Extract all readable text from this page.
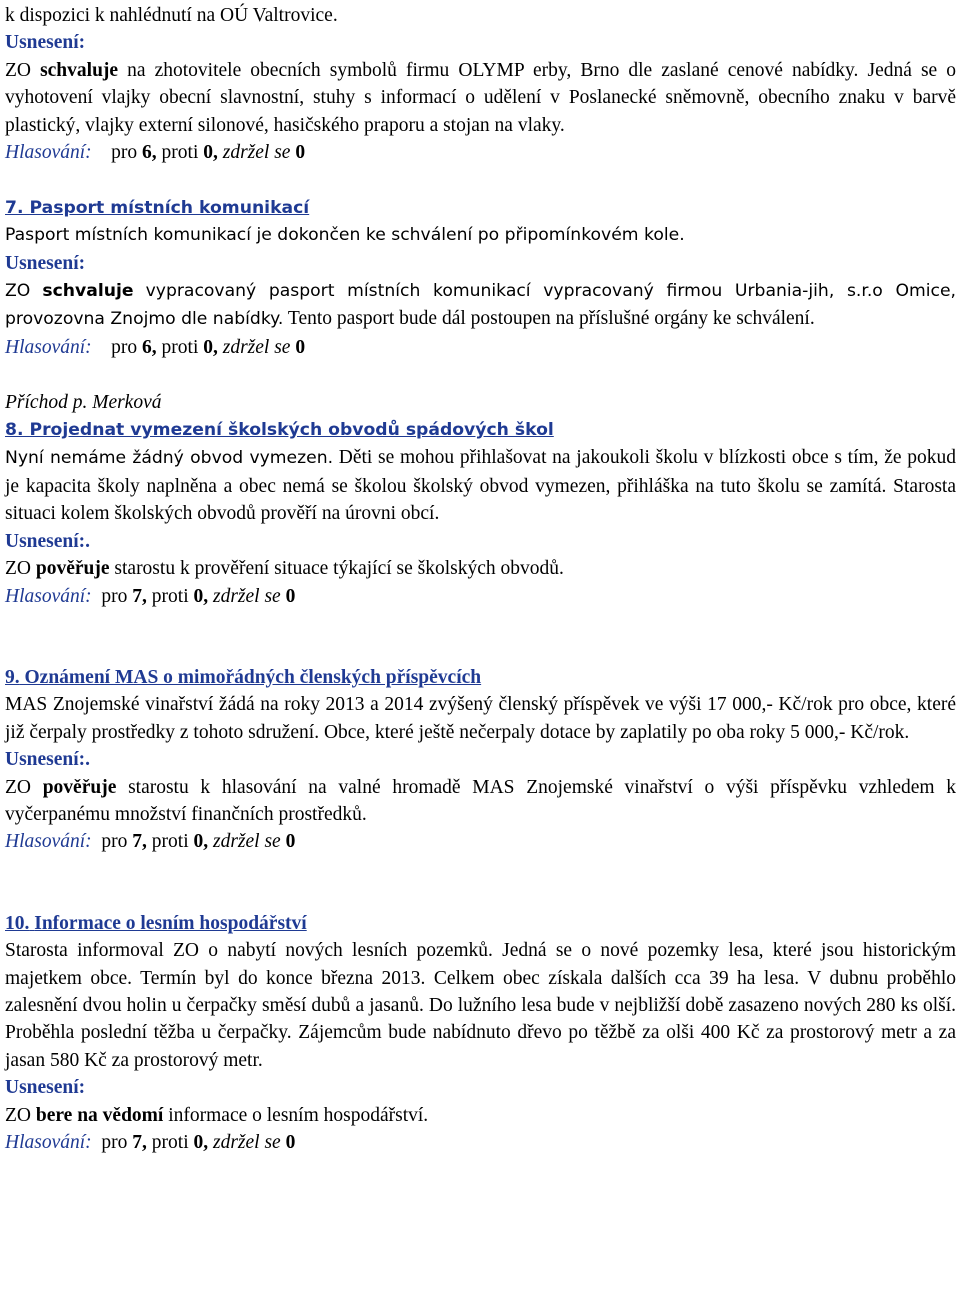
k dispozici k nahlédnutí na OÚ Valtrovice.

Usnesení:

ZO schvaluje na zhotovitele obecních symbolů firmu OLYMP erby, Brno dle zaslané cenové nabídky. Jedná se o vyhotovení vlajky obecní slavnostní, stuhy s informací o udělení v Poslanecké sněmovně, obecního znaku v barvě plastický, vlajky externí silonové, hasičského praporu a stojan na vlaky.

Hlasování: pro 6, proti 0, zdržel se 0

7. Pasport místních komunikací

Pasport místních komunikací je dokončen ke schválení po připomínkovém kole.

Usnesení:

ZO schvaluje vypracovaný pasport místních komunikací vypracovaný firmou Urbania-jih, s.r.o Omice, provozovna Znojmo dle nabídky. Tento pasport bude dál postoupen na příslušné orgány ke schválení.

Hlasování: pro 6, proti 0, zdržel se 0

Příchod p. Merková

8. Projednat vymezení školských obvodů spádových škol

Nyní nemáme žádný obvod vymezen. Děti se mohou přihlašovat na jakoukoli školu v blízkosti obce s tím, že pokud je kapacita školy naplněna a obec nemá se školou školský obvod vymezen, přihláška na tuto školu se zamítá. Starosta situaci kolem školských obvodů prověří na úrovni obcí.

Usnesení:.

ZO pověřuje starostu k prověření situace týkající se školských obvodů.

Hlasování: pro 7, proti 0, zdržel se 0

9. Oznámení MAS o mimořádných členských příspěvcích

MAS Znojemské vinařství žádá na roky 2013 a 2014 zvýšený členský příspěvek ve výši 17 000,- Kč/rok pro obce, které již čerpaly prostředky z tohoto sdružení. Obce, které ještě nečerpaly dotace by zaplatily po oba roky 5 000,- Kč/rok.

Usnesení:.

ZO pověřuje starostu k hlasování na valné hromadě MAS Znojemské vinařství o výši příspěvku vzhledem k vyčerpanému množství finančních prostředků.

Hlasování: pro 7, proti 0, zdržel se 0

10. Informace o lesním hospodářství

Starosta informoval ZO o nabytí nových lesních pozemků. Jedná se o nové pozemky lesa, které jsou historickým majetkem obce. Termín byl do konce března 2013. Celkem obec získala dalších cca 39 ha lesa. V dubnu proběhlo zalesnění dvou holin u čerpačky směsí dubů a jasanů. Do lužního lesa bude v nejbližší době zasazeno nových 280 ks olší. Proběhla poslední těžba u čerpačky. Zájemcům bude nabídnuto dřevo po těžbě za olši 400 Kč za prostorový metr a za jasan 580 Kč za prostorový metr.

Usnesení:

ZO bere na vědomí informace o lesním hospodářství.

Hlasování: pro 7, proti 0, zdržel se 0
